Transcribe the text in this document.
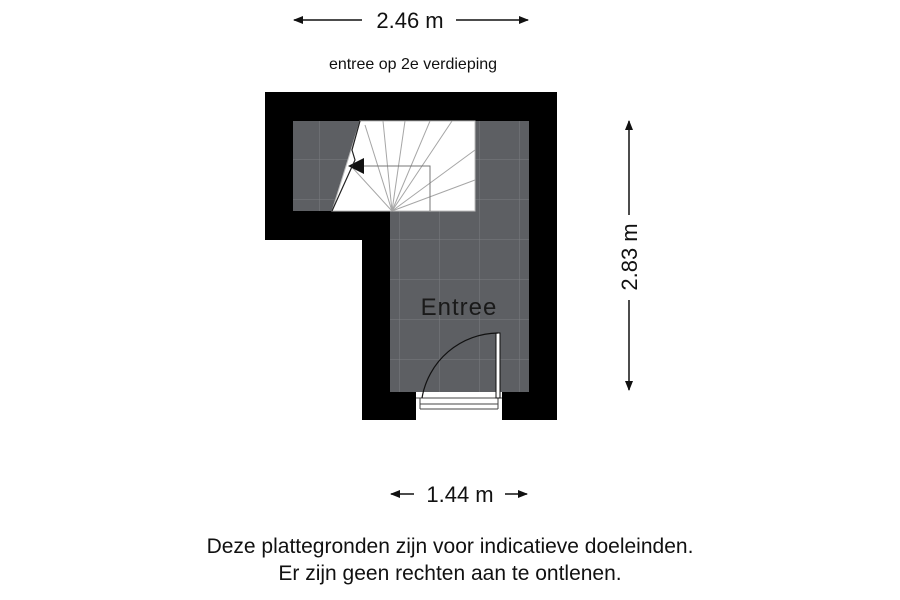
2.46 m
entree op 2e verdieping
Entree
2.83 m
1.44 m
Deze plattegronden zijn voor indicatieve doeleinden.
Er zijn geen rechten aan te ontlenen.
